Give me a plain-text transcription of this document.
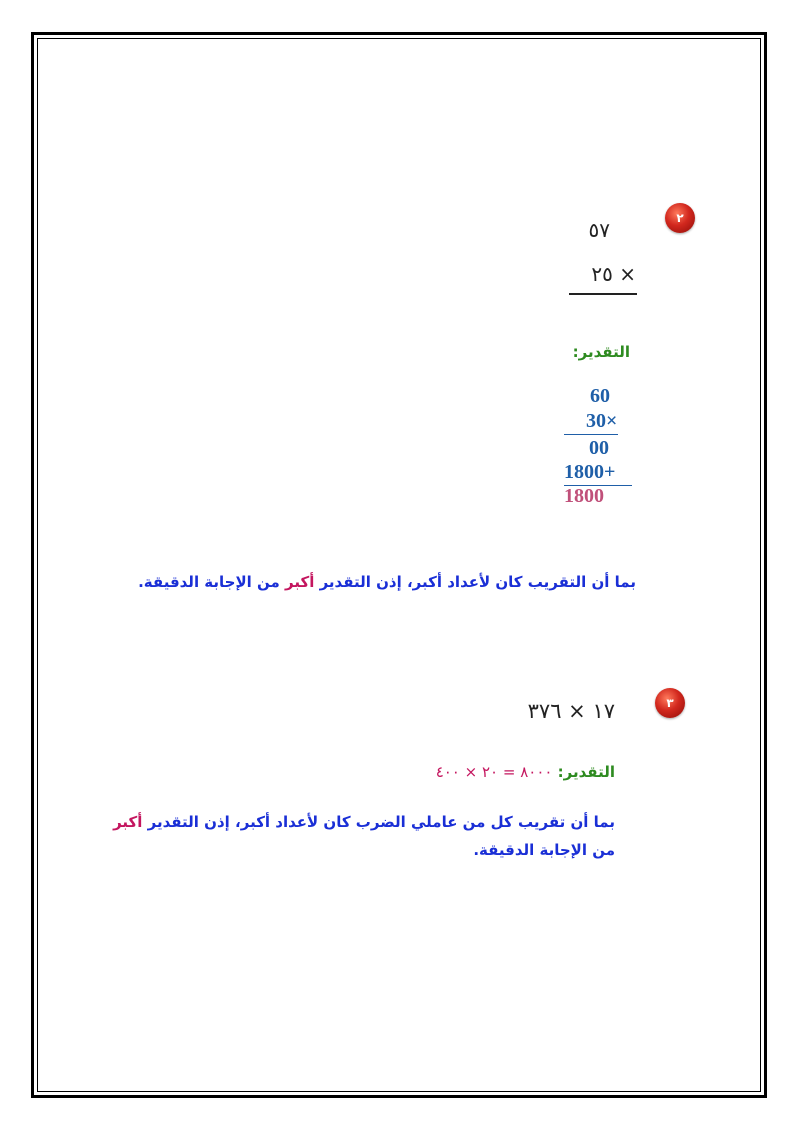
٢
٥٧
٢٥ ×
التقدير:
60
30×
00
1800+
1800
بما أن التقريب كان لأعداد أكبر، إذن التقدير أكبر من الإجابة الدقيقة.
٣
١٧ × ٣٧٦
التقدير: ٨٠٠٠ = ٢٠ × ٤٠٠
بما أن تقريب كل من عاملي الضرب كان لأعداد أكبر، إذن التقدير أكبر
من الإجابة الدقيقة.
